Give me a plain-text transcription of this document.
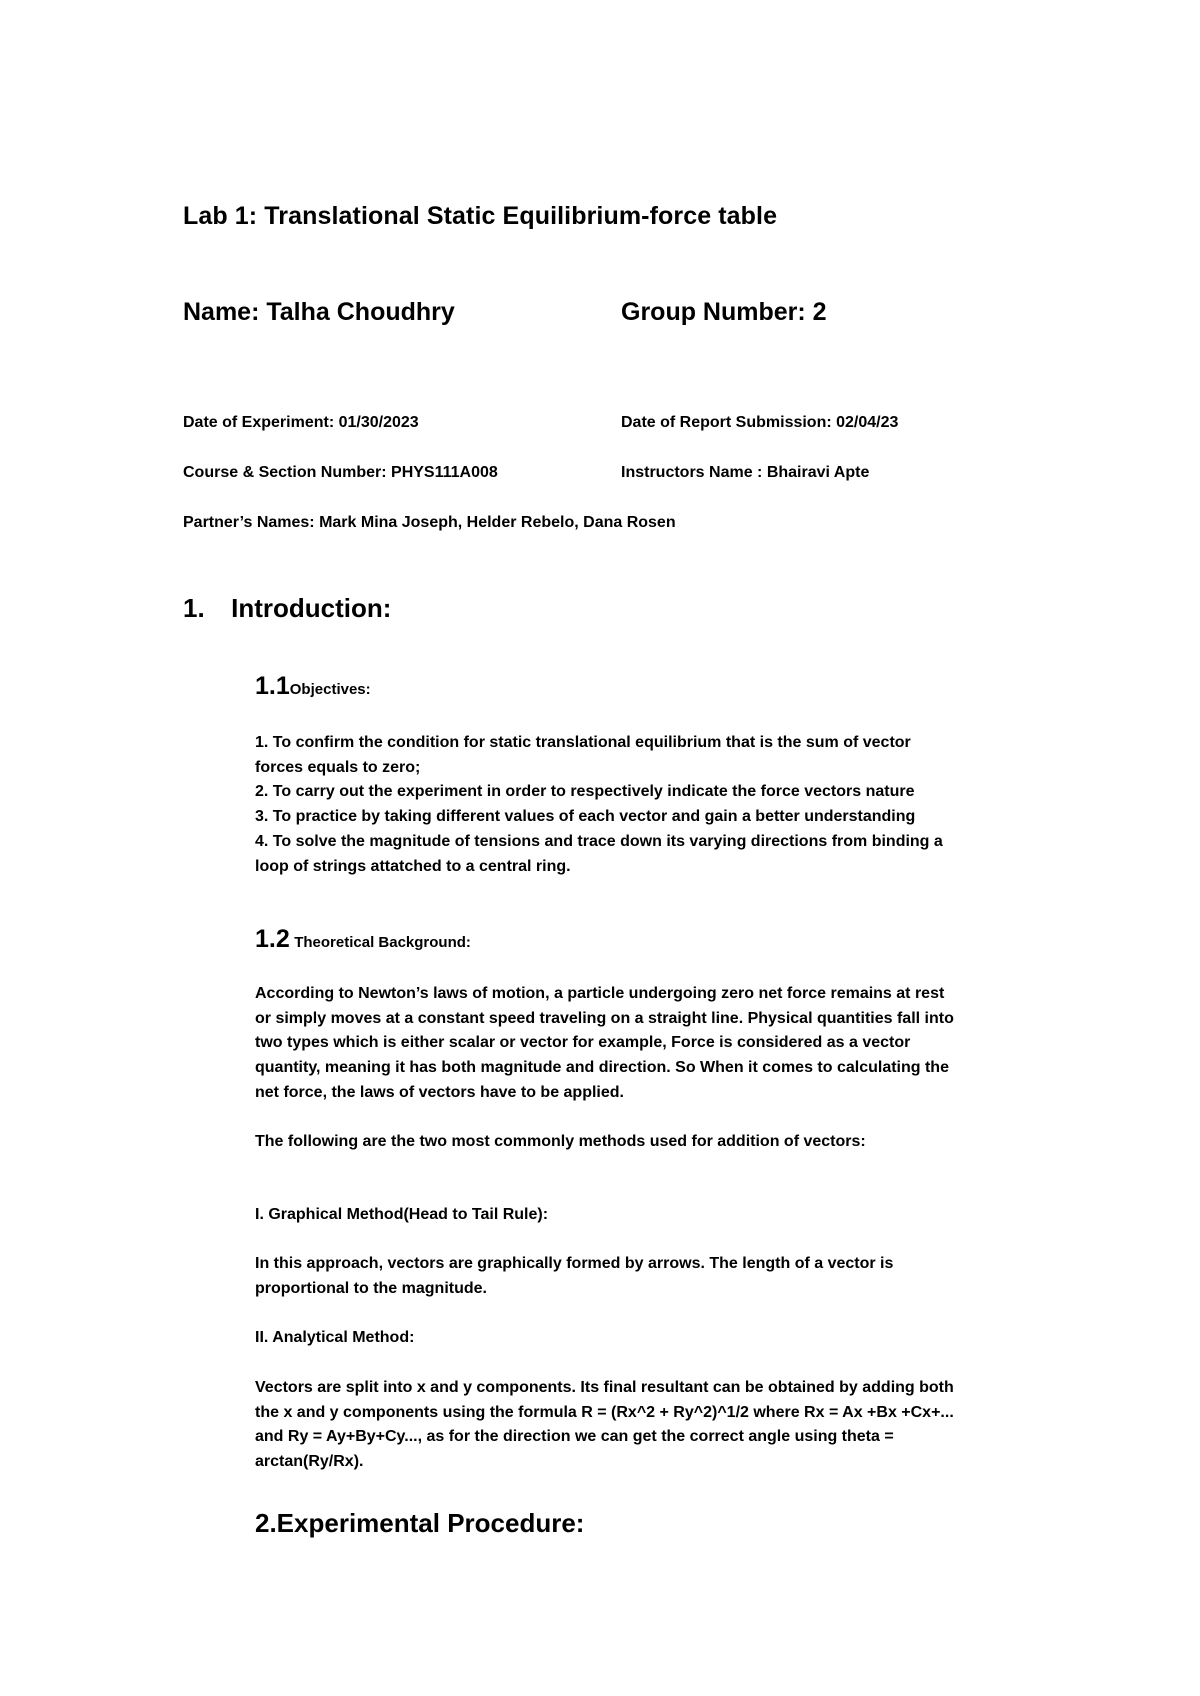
Lab 1: Translational Static Equilibrium-force table
Name: Talha Choudhry	Group Number: 2
Date of Experiment: 01/30/2023	Date of Report Submission: 02/04/23
Course & Section Number: PHYS111A008	Instructors Name : Bhairavi Apte
Partner’s Names: Mark Mina Joseph, Helder Rebelo, Dana Rosen
1. Introduction:
1.1Objectives:
1. To confirm the condition for static translational equilibrium that is the sum of vector
forces equals to zero;
2. To carry out the experiment in order to respectively indicate the force vectors nature
3. To practice by taking different values of each vector and gain a better understanding
4. To solve the magnitude of tensions and trace down its varying directions from binding a
loop of strings attatched to a central ring.
1.2 Theoretical Background:
According to Newton’s laws of motion, a particle undergoing zero net force remains at rest
or simply moves at a constant speed traveling on a straight line. Physical quantities fall into
two types which is either scalar or vector for example, Force is considered as a vector
quantity, meaning it has both magnitude and direction. So When it comes to calculating the
net force, the laws of vectors have to be applied.
The following are the two most commonly methods used for addition of vectors:
I. Graphical Method(Head to Tail Rule):
In this approach, vectors are graphically formed by arrows. The length of a vector is
proportional to the magnitude.
II. Analytical Method:
Vectors are split into x and y components. Its final resultant can be obtained by adding both
the x and y components using the formula R = (Rx^2 + Ry^2)^1/2 where Rx = Ax +Bx +Cx+...
and Ry = Ay+By+Cy..., as for the direction we can get the correct angle using theta =
arctan(Ry/Rx).
2.Experimental Procedure:
